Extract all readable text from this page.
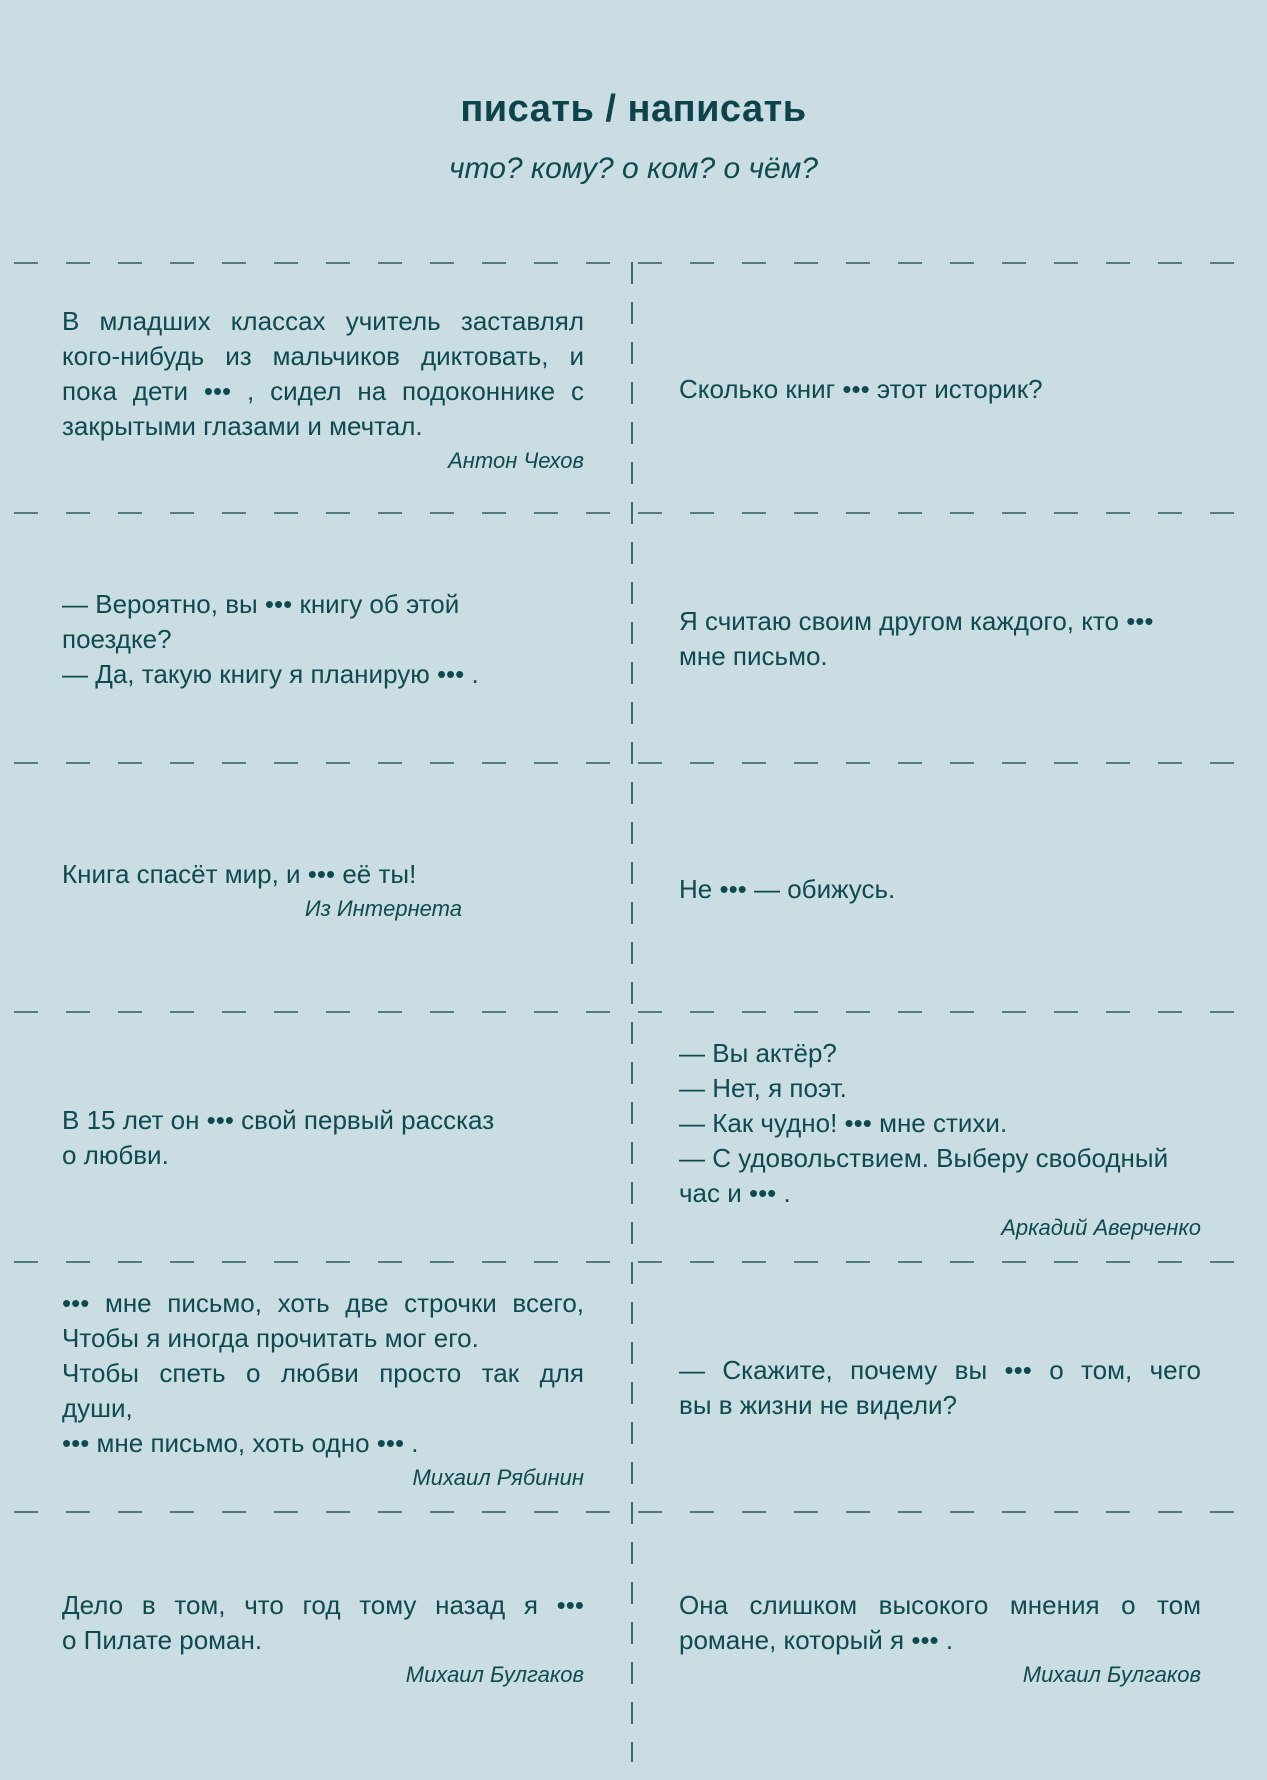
писать / написать
что? кому? о ком? о чём?
В младших классах учитель заставлял
кого-нибудь из мальчиков диктовать, и
пока дети ••• , сидел на подоконнике с
закрытыми глазами и мечтал.
Антон Чехов
Сколько книг ••• этот историк?
— Вероятно, вы ••• книгу об этой
поездке?
— Да, такую книгу я планирую ••• .
Я считаю своим другом каждого, кто •••
мне письмо.
Книга спасёт мир, и ••• её ты!
Из Интернета
Не ••• — обижусь.
В 15 лет он ••• свой первый рассказ
о любви.
— Вы актёр?
— Нет, я поэт.
— Как чудно! ••• мне стихи.
— С удовольствием. Выберу свободный
час и ••• .
Аркадий Аверченко
••• мне письмо, хоть две строчки всего,
Чтобы я иногда прочитать мог его.
Чтобы спеть о любви просто так для
души,
••• мне письмо, хоть одно ••• .
Михаил Рябинин
— Скажите, почему вы ••• о том, чего
вы в жизни не видели?
Дело в том, что год тому назад я •••
о Пилате роман.
Михаил Булгаков
Она слишком высокого мнения о том
романе, который я ••• .
Михаил Булгаков
